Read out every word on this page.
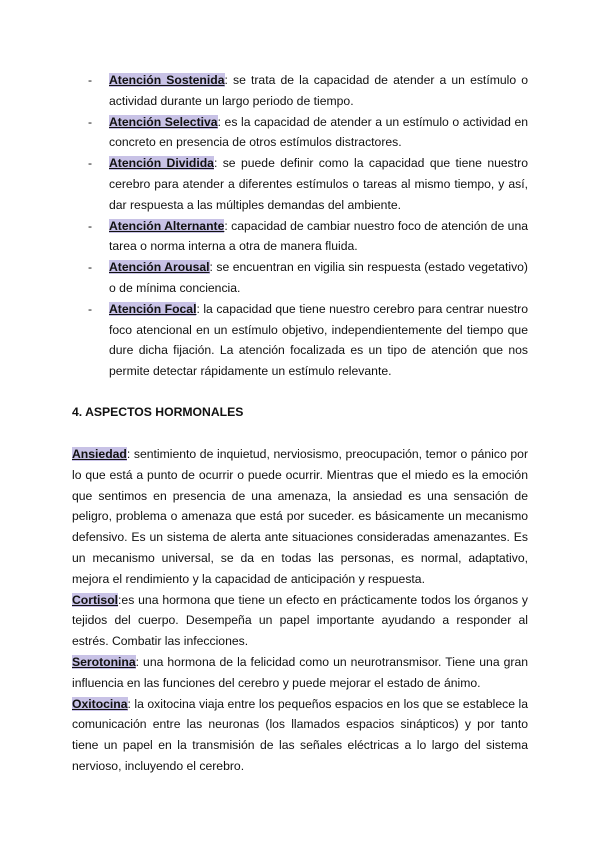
-	Atención Sostenida: se trata de la capacidad de atender a un estímulo o actividad durante un largo periodo de tiempo.
-	Atención Selectiva: es la capacidad de atender a un estímulo o actividad en concreto en presencia de otros estímulos distractores.
-	Atención Dividida: se puede definir como la capacidad que tiene nuestro cerebro para atender a diferentes estímulos o tareas al mismo tiempo, y así, dar respuesta a las múltiples demandas del ambiente.
-	Atención Alternante: capacidad de cambiar nuestro foco de atención de una tarea o norma interna a otra de manera fluida.
-	Atención Arousal: se encuentran en vigilia sin respuesta (estado vegetativo) o de mínima conciencia.
-	Atención Focal: la capacidad que tiene nuestro cerebro para centrar nuestro foco atencional en un estímulo objetivo, independientemente del tiempo que dure dicha fijación. La atención focalizada es un tipo de atención que nos permite detectar rápidamente un estímulo relevante.
4. ASPECTOS HORMONALES

Ansiedad: sentimiento de inquietud, nerviosismo, preocupación, temor o pánico por lo que está a punto de ocurrir o puede ocurrir. Mientras que el miedo es la emoción que sentimos en presencia de una amenaza, la ansiedad es una sensación de peligro, problema o amenaza que está por suceder. es básicamente un mecanismo defensivo. Es un sistema de alerta ante situaciones consideradas amenazantes. Es un mecanismo universal, se da en todas las personas, es normal, adaptativo, mejora el rendimiento y la capacidad de anticipación y respuesta.

Cortisol:es una hormona que tiene un efecto en prácticamente todos los órganos y tejidos del cuerpo. Desempeña un papel importante ayudando a responder al estrés. Combatir las infecciones.

Serotonina: una hormona de la felicidad como un neurotransmisor. Tiene una gran influencia en las funciones del cerebro y puede mejorar el estado de ánimo.

Oxitocina: la oxitocina viaja entre los pequeños espacios en los que se establece la comunicación entre las neuronas (los llamados espacios sinápticos) y por tanto tiene un papel en la transmisión de las señales eléctricas a lo largo del sistema nervioso, incluyendo el cerebro.
